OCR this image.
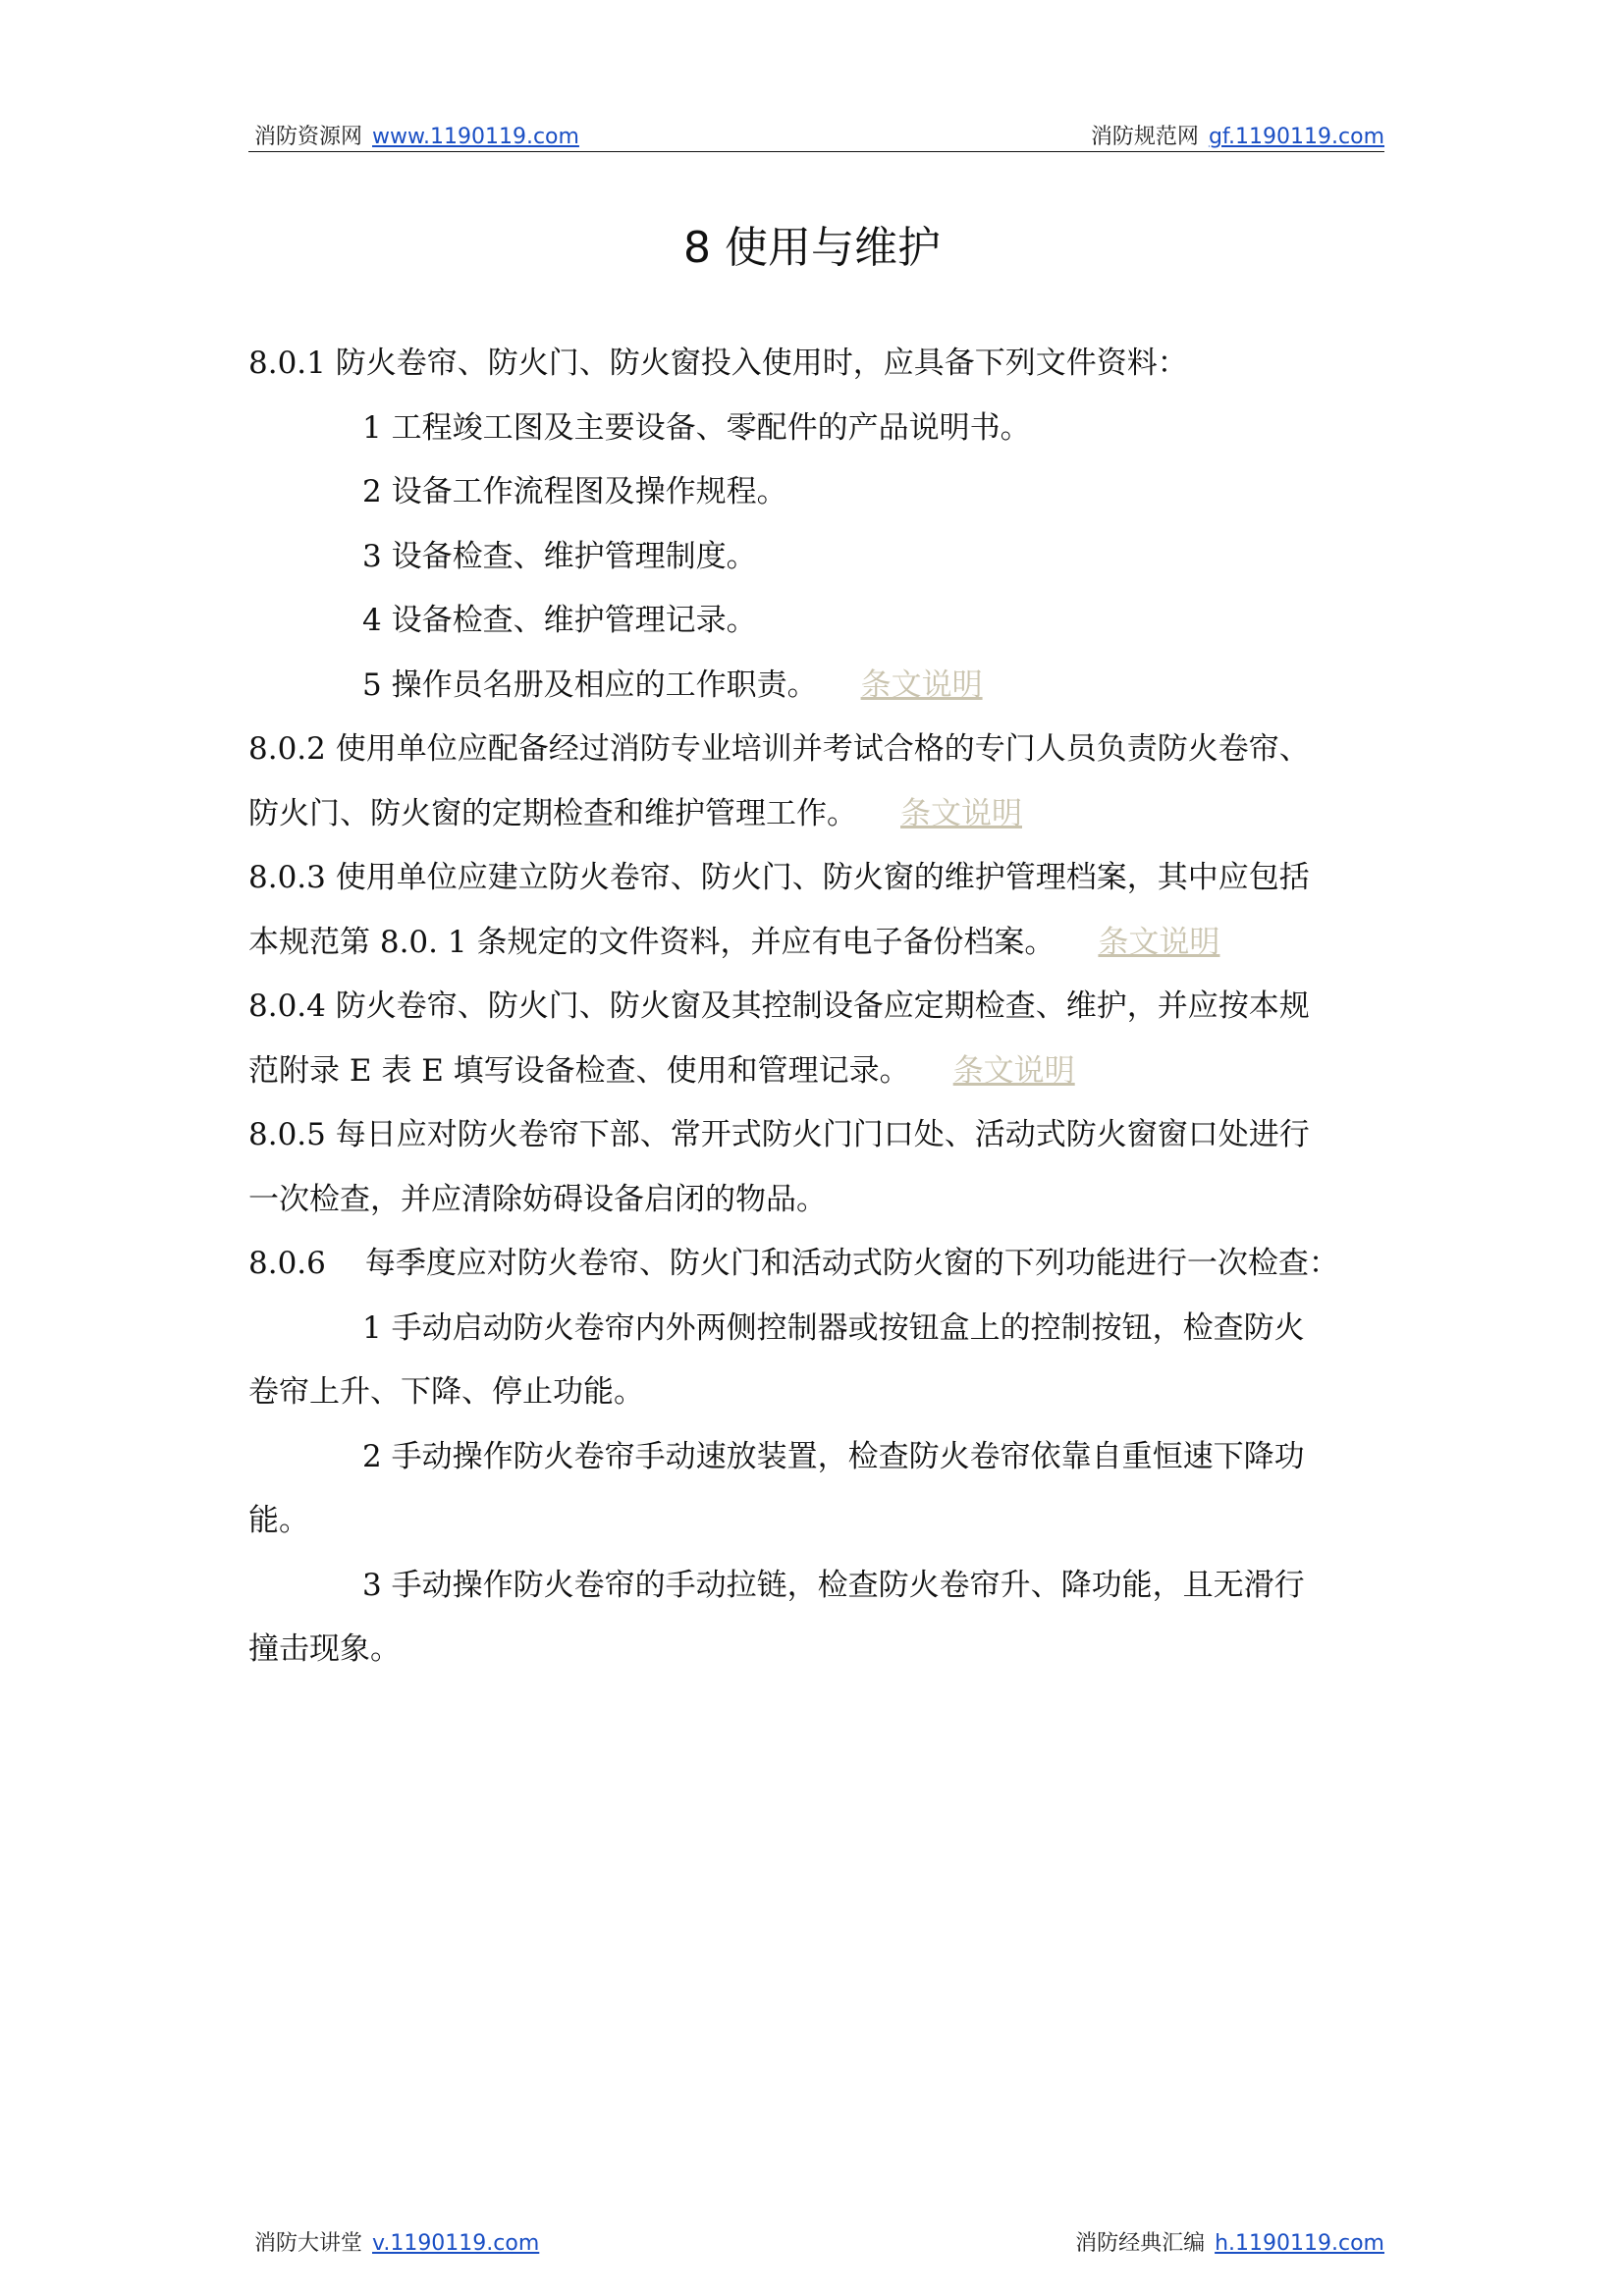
消防资源网 www.1190119.com	消防规范网 gf.1190119.com
8 使用与维护

8.0.1 防火卷帘、防火门、防火窗投入使用时，应具备下列文件资料：

1 工程竣工图及主要设备、零配件的产品说明书。

2 设备工作流程图及操作规程。

3 设备检查、维护管理制度。

4 设备检查、维护管理记录。

5 操作员名册及相应的工作职责。 条文说明

8.0.2 使用单位应配备经过消防专业培训并考试合格的专门人员负责防火卷帘、

防火门、防火窗的定期检查和维护管理工作。 条文说明

8.0.3 使用单位应建立防火卷帘、防火门、防火窗的维护管理档案，其中应包括

本规范第 8.0. 1 条规定的文件资料，并应有电子备份档案。 条文说明

8.0.4 防火卷帘、防火门、防火窗及其控制设备应定期检查、维护，并应按本规

范附录 E 表 E 填写设备检查、使用和管理记录。 条文说明

8.0.5 每日应对防火卷帘下部、常开式防火门门口处、活动式防火窗窗口处进行

一次检查，并应清除妨碍设备启闭的物品。

8.0.6 每季度应对防火卷帘、防火门和活动式防火窗的下列功能进行一次检查：

1 手动启动防火卷帘内外两侧控制器或按钮盒上的控制按钮，检查防火

卷帘上升、下降、停止功能。

2 手动操作防火卷帘手动速放装置，检查防火卷帘依靠自重恒速下降功

能。

3 手动操作防火卷帘的手动拉链，检查防火卷帘升、降功能，且无滑行

撞击现象。

消防大讲堂 v.1190119.com	消防经典汇编 h.1190119.com
